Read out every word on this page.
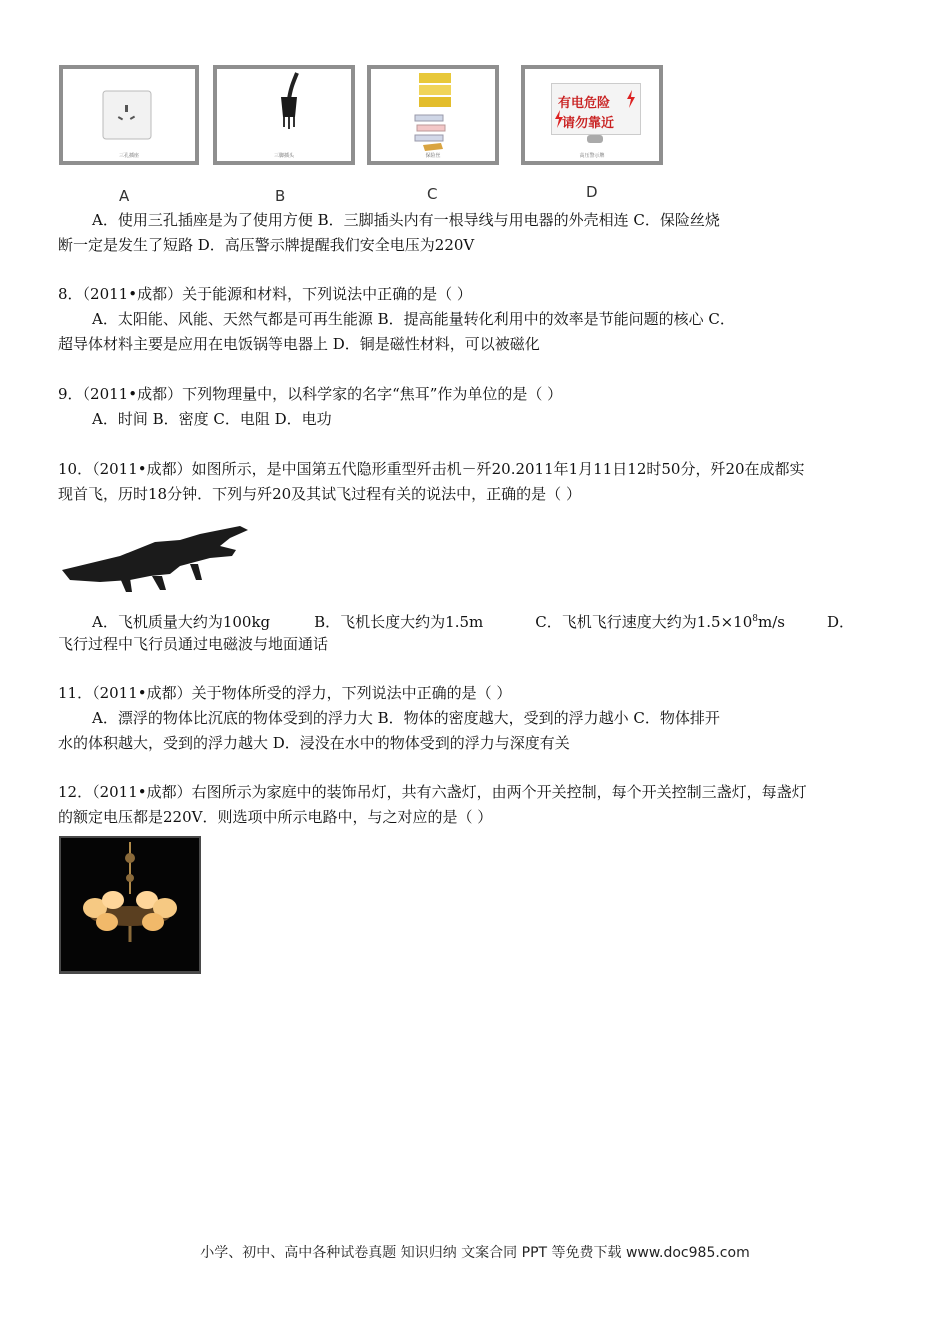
三孔插座	三脚插头	保险丝
有电危险
请勿靠近
高压警示牌
A	B	C	D
A．使用三孔插座是为了使用方便 B．三脚插头内有一根导线与用电器的外壳相连 C．保险丝烧
断一定是发生了短路 D．高压警示牌提醒我们安全电压为220V
8．（2011•成都）关于能源和材料，下列说法中正确的是（ ）
A．太阳能、风能、天然气都是可再生能源 B．提高能量转化利用中的效率是节能问题的核心 C．
超导体材料主要是应用在电饭锅等电器上 D．铜是磁性材料，可以被磁化
9．（2011•成都）下列物理量中，以科学家的名字“焦耳”作为单位的是（ ）
A．时间 B．密度 C．电阻 D．电功
10．（2011•成都）如图所示，是中国第五代隐形重型歼击机－歼20.2011年1月11日12时50分，歼20在成都实
现首飞，历时18分钟．下列与歼20及其试飞过程有关的说法中，正确的是（ ）
A．飞机质量大约为100kg	B．飞机长度大约为1.5m	C．飞机飞行速度大约为$1.5\times 10^8m/s$	D．
飞行过程中飞行员通过电磁波与地面通话
11．（2011•成都）关于物体所受的浮力，下列说法中正确的是（ ）
A．漂浮的物体比沉底的物体受到的浮力大 B．物体的密度越大，受到的浮力越小 C．物体排开
水的体积越大，受到的浮力越大 D．浸没在水中的物体受到的浮力与深度有关
12．（2011•成都）右图所示为家庭中的装饰吊灯，共有六盏灯，由两个开关控制，每个开关控制三盏灯，每盏灯
的额定电压都是220V．则选项中所示电路中，与之对应的是（ ）
小学、初中、高中各种试卷真题 知识归纳 文案合同 PPT 等免费下载 www.doc985.com
